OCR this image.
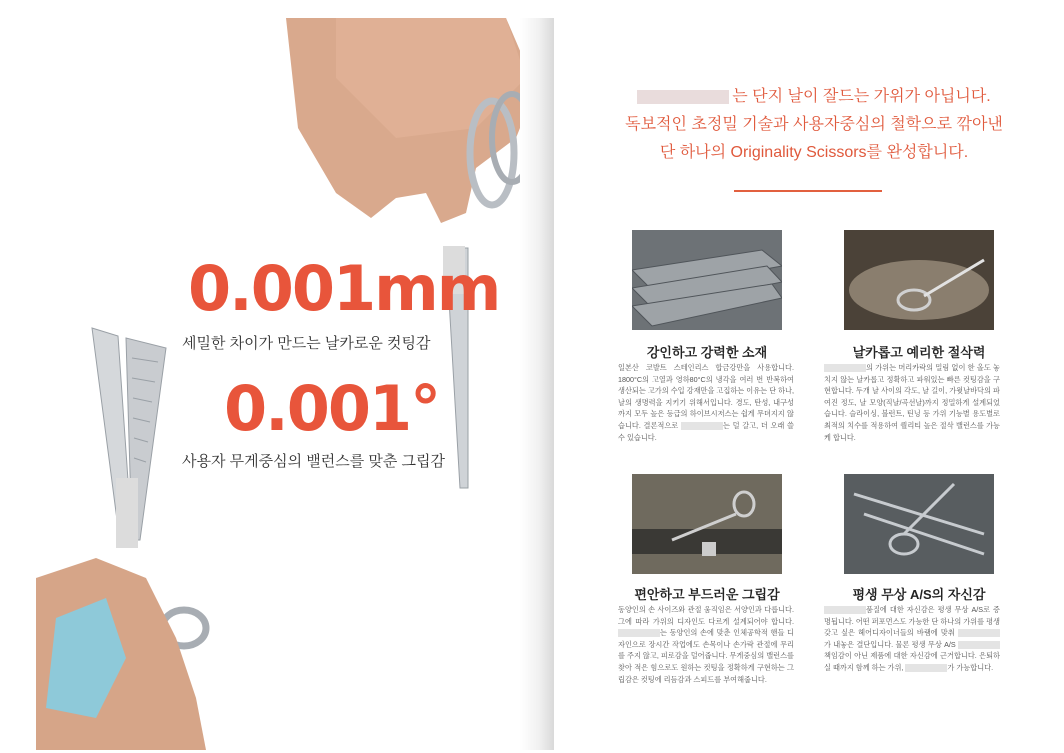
0.001mm
세밀한 차이가 만드는 날카로운 컷팅감
0.001°
사용자 무게중심의 밸런스를 맞춘 그립감
는 단지 날이 잘드는 가위가 아닙니다.
독보적인 초정밀 기술과 사용자중심의 철학으로 깎아낸
단 하나의 Originality Scissors를 완성합니다.
강인하고 강력한 소재
일본산 코발트 스테인리스 합금강만을 사용합니다. 1800°C의 고열과 영하80°C의 냉각을 여러 번 반복하여 생산되는 고가의 수입 강재만을 고집하는 이유는 단 하나, 날의 생명력을 지키기 위해서입니다. 경도, 탄성, 내구성까지 모두 높은 등급의 하이브시저스는 쉽게 무뎌지지 않습니다. 결론적으로	는 덜 갈고, 더 오래 쓸 수 있습니다.
날카롭고 예리한 절삭력
의 가위는 머리카락의 밀림 없이 한 올도 놓치지 않는 날카롭고 정확하고 파워있는 빠른 컷팅감을 구현합니다. 두개 날 사이의 각도, 날 길이, 가윗날바닥의 파여진 정도, 날 모양(직날/곡선날)까지 정밀하게 설계되었습니다. 슬라이싱, 블런트, 틴닝 등 가위 기능별 용도별로 최적의 치수를 적용하여 퀄리티 높은 절삭 밸런스를 가능케 합니다.
편안하고 부드러운 그립감
동양인의 손 사이즈와 관절 움직임은 서양인과 다릅니다. 그에 따라 가위의 디자인도 다르게 설계되어야 합니다. 는 동양인의 손에 맞춘 인체공학적 핸들 디자인으로 장시간 작업에도 손목이나 손가락 관절에 무리를 주지 않고, 피로감을 덜어줍니다. 무게중심의 밸런스를 찾아 적은 힘으로도 원하는 컷팅을 정확하게 구현하는 그립감은 컷팅에 리듬감과 스피드를 부여해줍니다.
평생 무상 A/S의 자신감
품질에 대한 자신감은 평생 무상 A/S로 증명됩니다. 어떤 퍼포먼스도 가능한 단 하나의 가위를 평생 갖고 싶은 헤어디자이너들의 바램에 맞춰 가 내놓은 결단입니다. 물론 평생 무상 A/S 책임감이 아닌 제품에 대한 자신감에 근거합니다. 은퇴하실 때까지 함께 하는 가위,	가 가능합니다.
